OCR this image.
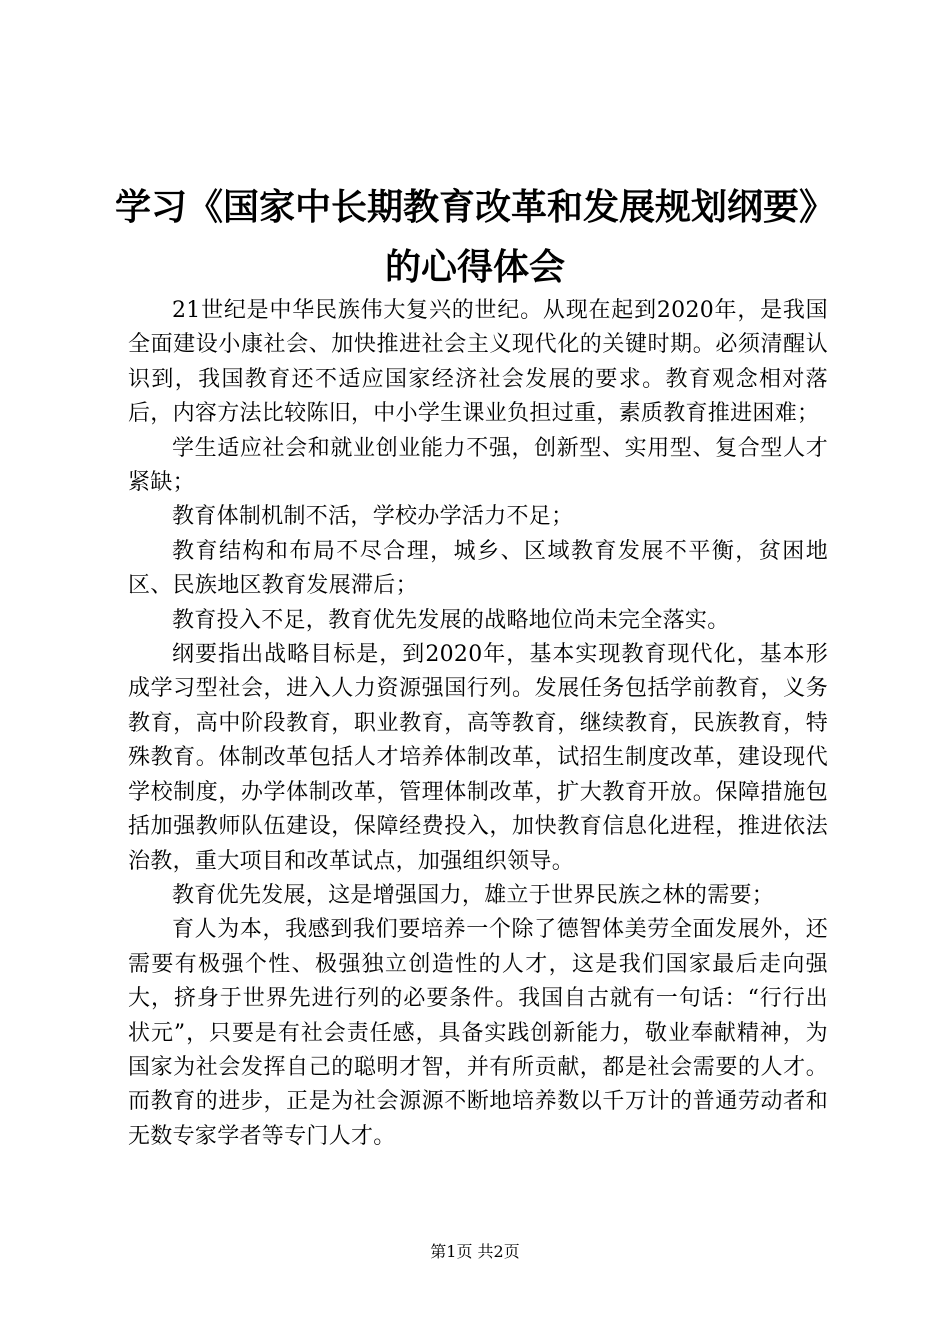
学习《国家中长期教育改革和发展规划纲要》
的心得体会

21世纪是中华民族伟大复兴的世纪。从现在起到2020年，是我国全面建设小康社会、加快推进社会主义现代化的关键时期。必须清醒认识到，我国教育还不适应国家经济社会发展的要求。教育观念相对落后，内容方法比较陈旧，中小学生课业负担过重，素质教育推进困难；

学生适应社会和就业创业能力不强，创新型、实用型、复合型人才紧缺；

教育体制机制不活，学校办学活力不足；

教育结构和布局不尽合理，城乡、区域教育发展不平衡，贫困地区、民族地区教育发展滞后；

教育投入不足，教育优先发展的战略地位尚未完全落实。

纲要指出战略目标是，到2020年，基本实现教育现代化，基本形成学习型社会，进入人力资源强国行列。发展任务包括学前教育，义务教育，高中阶段教育，职业教育，高等教育，继续教育，民族教育，特殊教育。体制改革包括人才培养体制改革，试招生制度改革，建设现代学校制度，办学体制改革，管理体制改革，扩大教育开放。保障措施包括加强教师队伍建设，保障经费投入，加快教育信息化进程，推进依法治教，重大项目和改革试点，加强组织领导。

教育优先发展，这是增强国力，雄立于世界民族之林的需要；

育人为本，我感到我们要培养一个除了德智体美劳全面发展外，还需要有极强个性、极强独立创造性的人才，这是我们国家最后走向强大，挤身于世界先进行列的必要条件。我国自古就有一句话：“行行出状元”，只要是有社会责任感，具备实践创新能力，敬业奉献精神，为国家为社会发挥自己的聪明才智，并有所贡献，都是社会需要的人才。而教育的进步，正是为社会源源不断地培养数以千万计的普通劳动者和无数专家学者等专门人才。

第1页 共2页
